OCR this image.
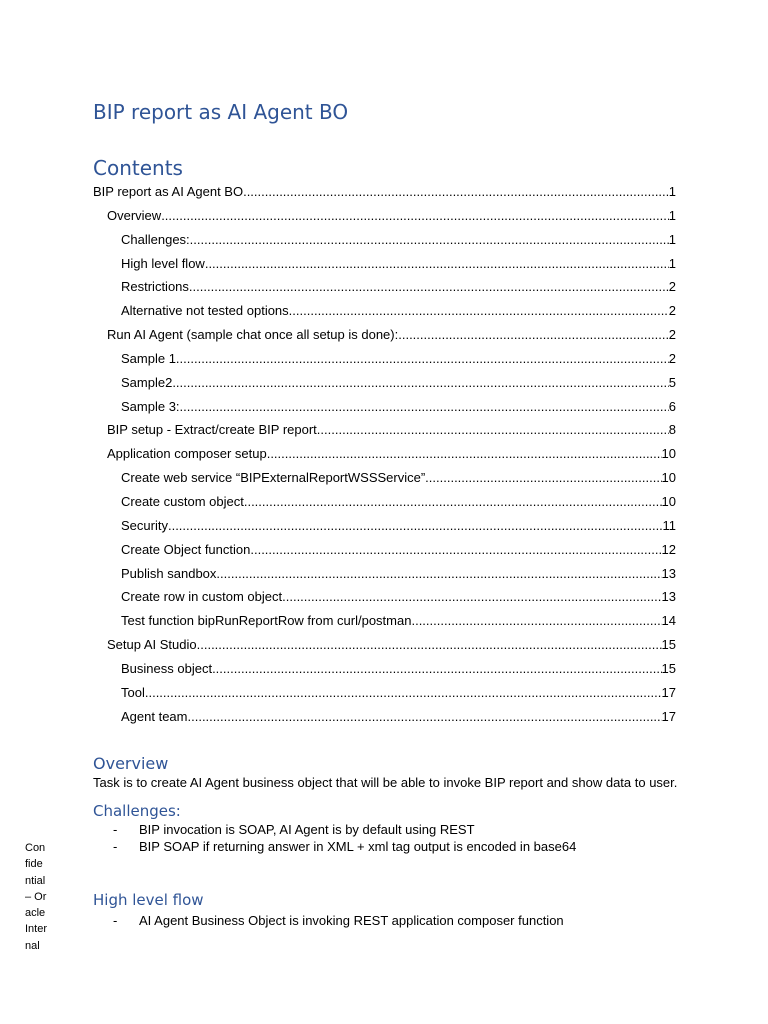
BIP report as AI Agent BO
Contents
BIP report as AI Agent BO .....	1
Overview .....	1
Challenges: .....	1
High level flow .....	1
Restrictions .....	2
Alternative not tested options .....	2
Run AI Agent (sample chat once all setup is done): .....	2
Sample 1 .....	2
Sample2 .....	5
Sample 3: .....	6
BIP setup - Extract/create BIP report .....	8
Application composer setup .....	10
Create web service “BIPExternalReportWSSService” .....	10
Create custom object .....	10
Security .....	11
Create Object function .....	12
Publish sandbox .....	13
Create row in custom object .....	13
Test function bipRunReportRow from curl/postman .....	14
Setup AI Studio .....	15
Business object .....	15
Tool .....	17
Agent team .....	17
Overview

Task is to create AI Agent business object that will be able to invoke BIP report and show data to user.

Challenges:
- BIP invocation is SOAP, AI Agent is by default using REST
- BIP SOAP if returning answer in XML + xml tag output is encoded in base64
High level flow
- AI Agent Business Object is invoking REST application composer function
Confidential – Oracle Internal
